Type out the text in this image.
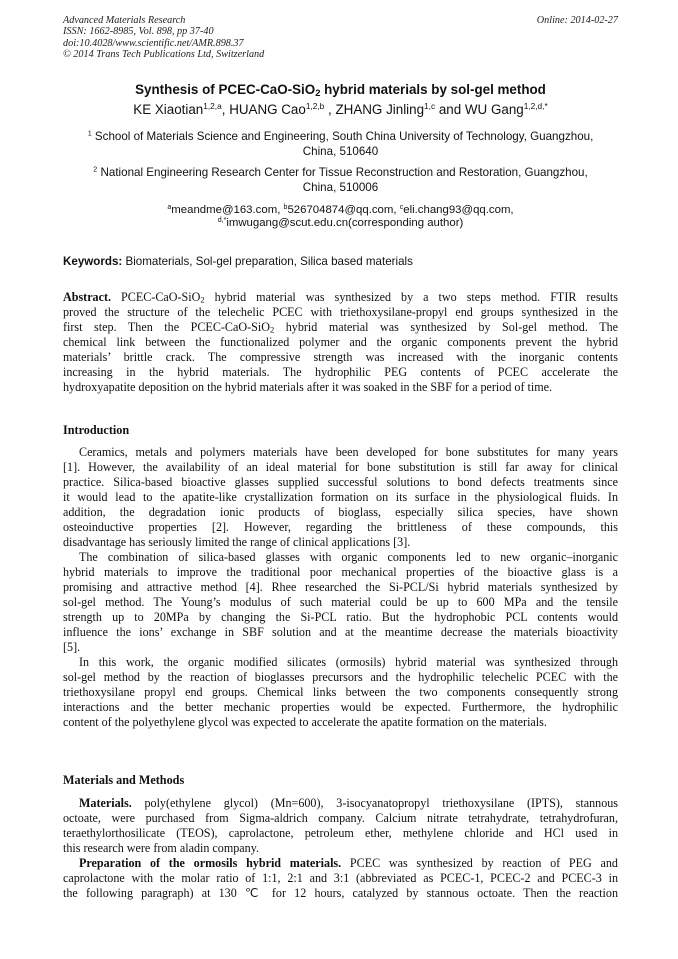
Advanced Materials Research
ISSN: 1662-8985, Vol. 898, pp 37-40
doi:10.4028/www.scientific.net/AMR.898.37
© 2014 Trans Tech Publications Ltd, Switzerland
Online: 2014-02-27
Synthesis of PCEC-CaO-SiO$_2$ hybrid materials by sol-gel method
KE Xiaotian$^{1,2,a}$, HUANG Cao$^{1,2,b}$ , ZHANG Jinling$^{1,c}$ and WU Gang$^{1,2,d,*}$
$^1$ School of Materials Science and Engineering, South China University of Technology, Guangzhou,
China, 510640
$^2$ National Engineering Research Center for Tissue Reconstruction and Restoration, Guangzhou,
China, 510006
$^a$meandme@163.com, $^b$526704874@qq.com, $^c$eli.chang93@qq.com,
$^{d,*}$imwugang@scut.edu.cn(corresponding author)
Keywords: Biomaterials, Sol-gel preparation, Silica based materials
Abstract. PCEC-CaO-SiO$_2$ hybrid material was synthesized by a two steps method. FTIR results
proved the structure of the telechelic PCEC with triethoxysilane-propyl end groups synthesized in the
first step. Then the PCEC-CaO-SiO$_2$ hybrid material was synthesized by Sol-gel method. The
chemical link between the functionalized polymer and the organic components prevent the hybrid
materials’ brittle crack. The compressive strength was increased with the inorganic contents
increasing in the hybrid materials. The hydrophilic PEG contents of PCEC accelerate the
hydroxyapatite deposition on the hybrid materials after it was soaked in the SBF for a period of time.
Introduction
Ceramics, metals and polymers materials have been developed for bone substitutes for many years
[1]. However, the availability of an ideal material for bone substitution is still far away for clinical
practice. Silica-based bioactive glasses supplied successful solutions to bond defects treatments since
it would lead to the apatite-like crystallization formation on its surface in the physiological fluids. In
addition, the degradation ionic products of bioglass, especially silica species, have shown
osteoinductive properties [2]. However, regarding the brittleness of these compounds, this
disadvantage has seriously limited the range of clinical applications [3].
The combination of silica-based glasses with organic components led to new organic–inorganic
hybrid materials to improve the traditional poor mechanical properties of the bioactive glass is a
promising and attractive method [4]. Rhee researched the Si-PCL/Si hybrid materials synthesized by
sol-gel method. The Young’s modulus of such material could be up to 600 MPa and the tensile
strength up to 20MPa by changing the Si-PCL ratio. But the hydrophobic PCL contents would
influence the ions’ exchange in SBF solution and at the meantime decrease the materials bioactivity
[5].
In this work, the organic modified silicates (ormosils) hybrid material was synthesized through
sol-gel method by the reaction of bioglasses precursors and the hydrophilic telechelic PCEC with the
triethoxysilane propyl end groups. Chemical links between the two components consequently strong
interactions and the better mechanic properties would be expected. Furthermore, the hydrophilic
content of the polyethylene glycol was expected to accelerate the apatite formation on the materials.
Materials and Methods
Materials. poly(ethylene glycol) (Mn=600), 3-isocyanatopropyl triethoxysilane (IPTS), stannous
octoate, were purchased from Sigma-aldrich company. Calcium nitrate tetrahydrate, tetrahydrofuran,
teraethylorthosilicate (TEOS), caprolactone, petroleum ether, methylene chloride and HCl used in
this research were from aladin company.
Preparation of the ormosils hybrid materials. PCEC was synthesized by reaction of PEG and
caprolactone with the molar ratio of 1:1, 2:1 and 3:1 (abbreviated as PCEC-1, PCEC-2 and PCEC-3 in
the following paragraph) at 130 ℃ for 12 hours, catalyzed by stannous octoate. Then the reaction
